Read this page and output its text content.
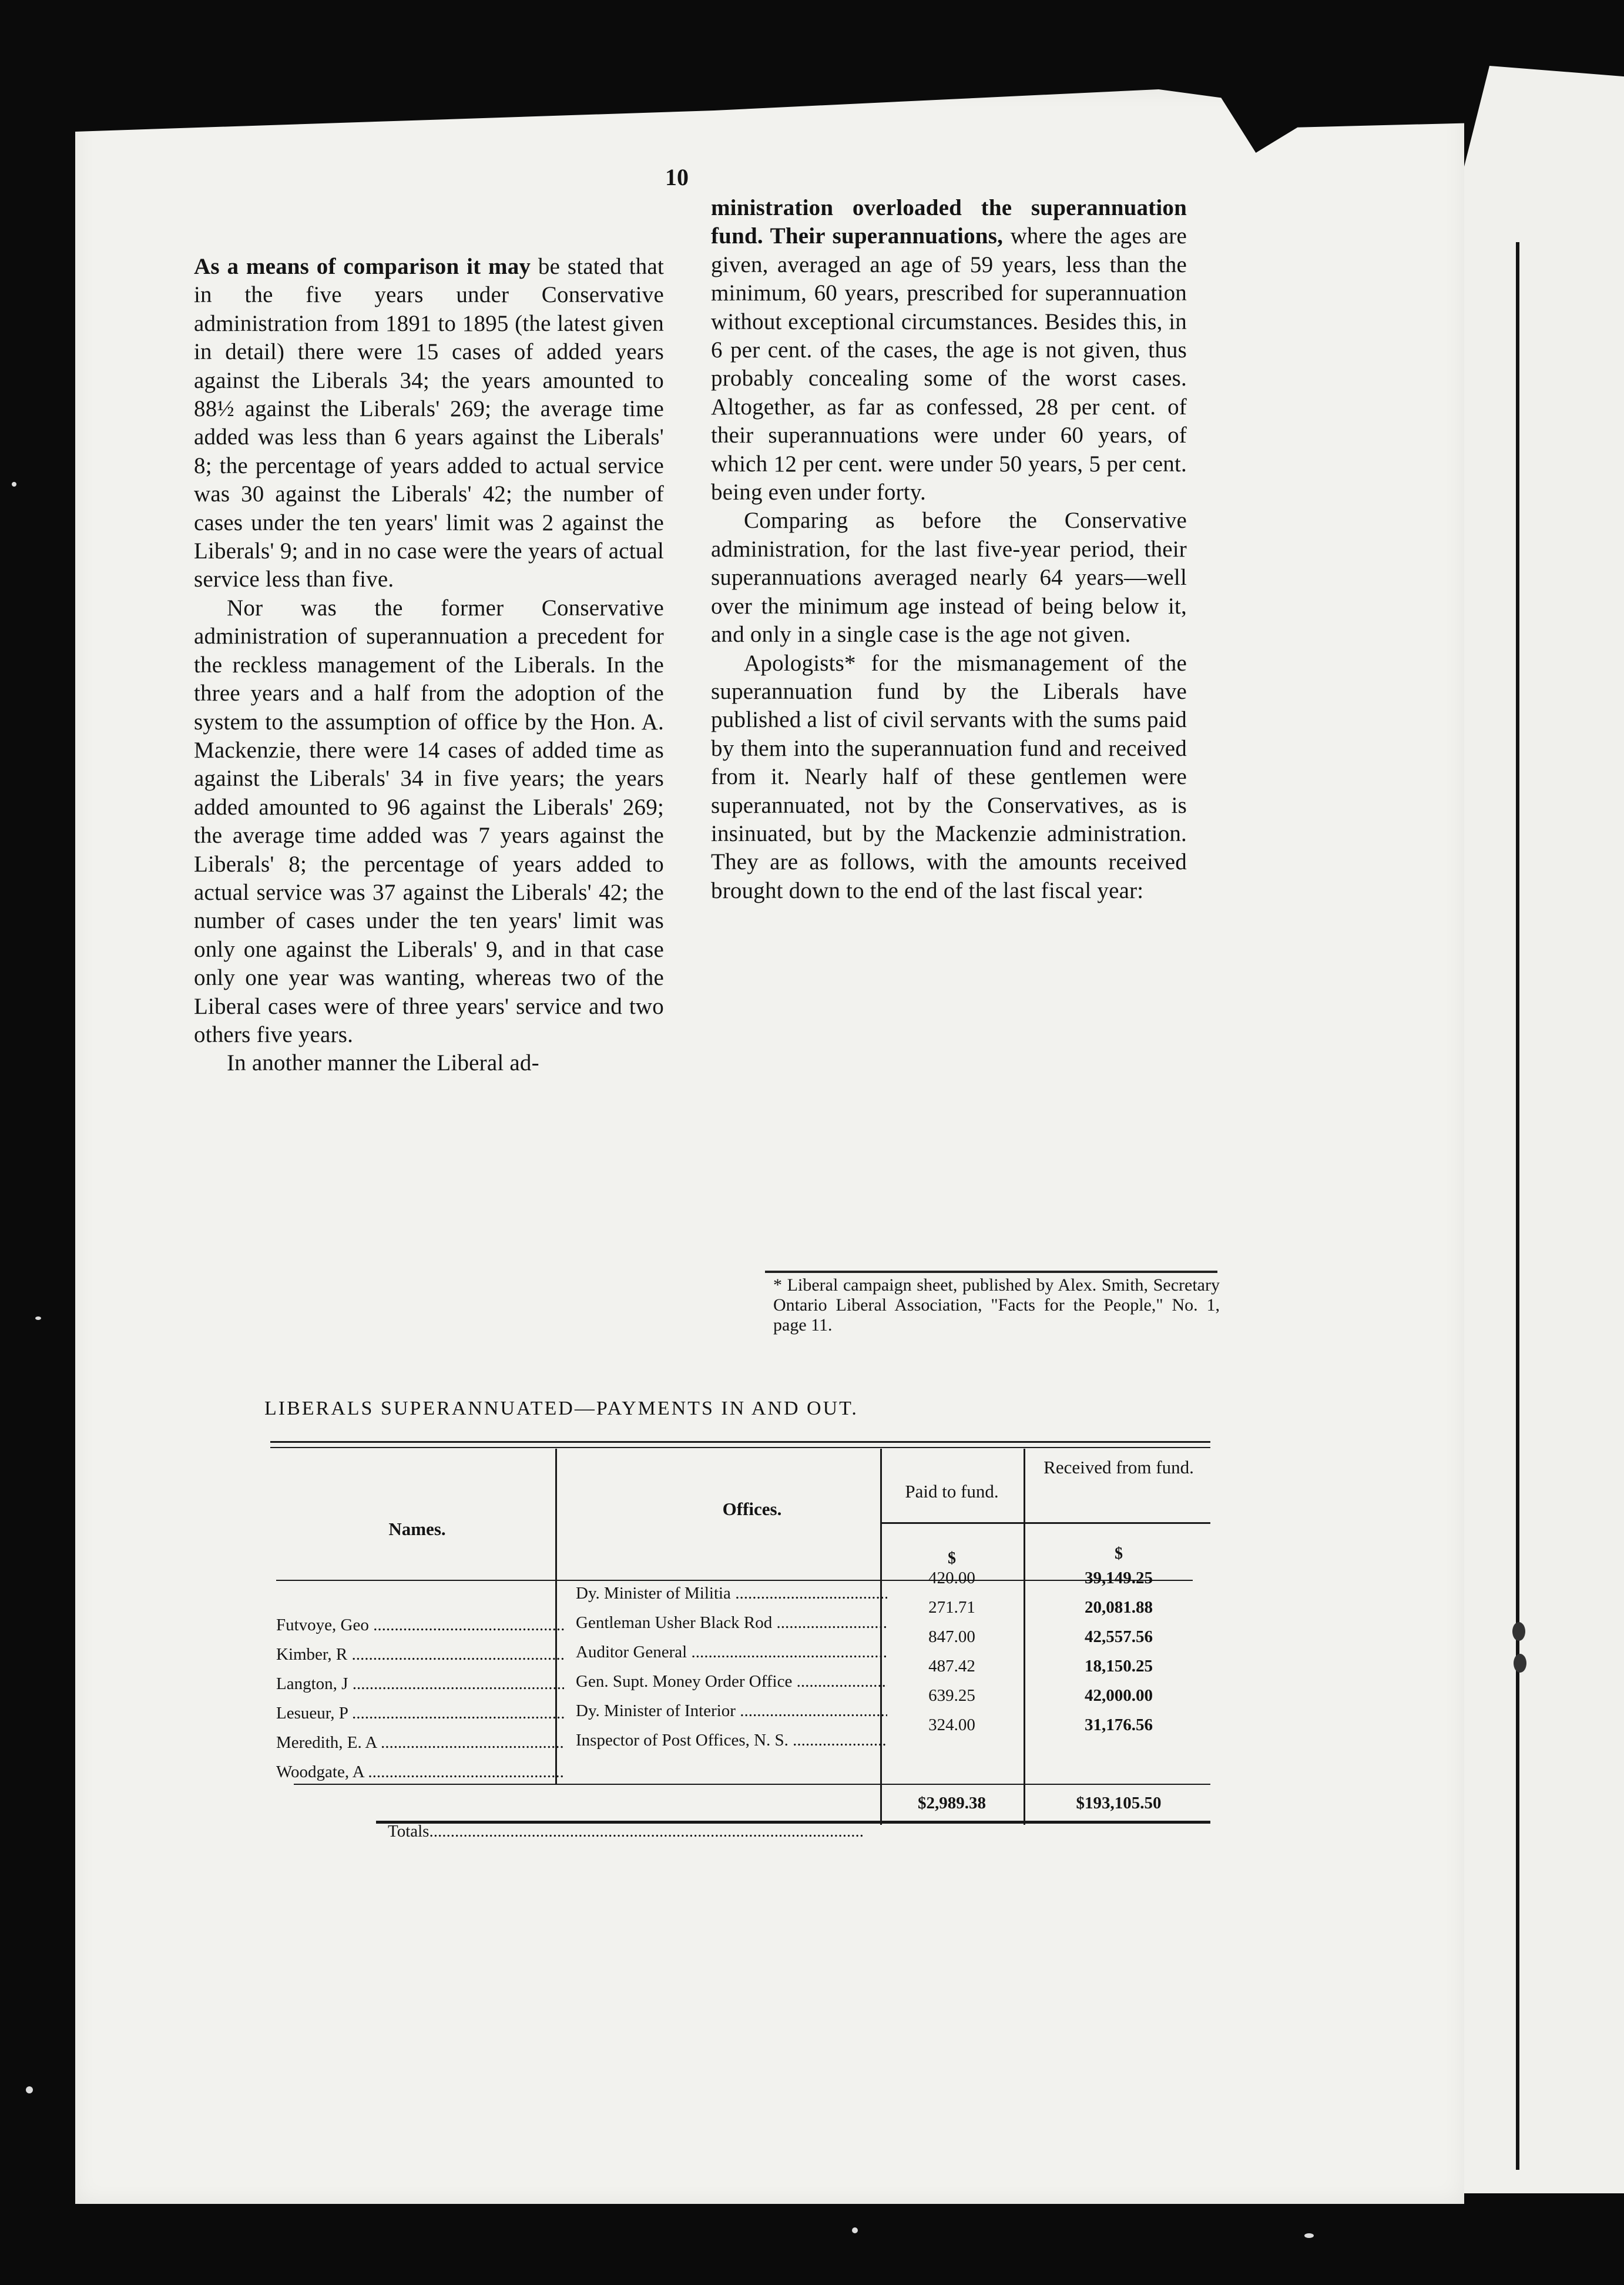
10

As a means of comparison it may be stated that in the five years under Conservative administration from 1891 to 1895 (the latest given in detail) there were 15 cases of added years against the Liberals 34; the years amounted to 88½ against the Liberals' 269; the average time added was less than 6 years against the Liberals' 8; the percentage of years added to actual service was 30 against the Liberals' 42; the number of cases under the ten years' limit was 2 against the Liberals' 9; and in no case were the years of actual service less than five.

Nor was the former Conservative administration of superannuation a precedent for the reckless management of the Liberals. In the three years and a half from the adoption of the system to the assumption of office by the Hon. A. Mackenzie, there were 14 cases of added time as against the Liberals' 34 in five years; the years added amounted to 96 against the Liberals' 269; the average time added was 7 years against the Liberals' 8; the percentage of years added to actual service was 37 against the Liberals' 42; the number of cases under the ten years' limit was only one against the Liberals' 9, and in that case only one year was wanting, whereas two of the Liberal cases were of three years' service and two others five years.

In another manner the Liberal ad-

ministration overloaded the superannuation fund. Their superannuations, where the ages are given, averaged an age of 59 years, less than the minimum, 60 years, prescribed for superannuation without exceptional circumstances. Besides this, in 6 per cent. of the cases, the age is not given, thus probably concealing some of the worst cases. Altogether, as far as confessed, 28 per cent. of their superannuations were under 60 years, of which 12 per cent. were under 50 years, 5 per cent. being even under forty.

Comparing as before the Conservative administration, for the last five-year period, their superannuations averaged nearly 64 years—well over the minimum age instead of being below it, and only in a single case is the age not given.

Apologists* for the mismanagement of the superannuation fund by the Liberals have published a list of civil servants with the sums paid by them into the superannuation fund and received from it. Nearly half of these gentlemen were superannuated, not by the Conservatives, as is insinuated, but by the Mackenzie administration. They are as follows, with the amounts received brought down to the end of the last fiscal year:

* Liberal campaign sheet, published by Alex. Smith, Secretary Ontario Liberal Association, "Facts for the People," No. 1, page 11.
LIBERALS SUPERANNUATED—PAYMENTS IN AND OUT.
Names.
Offices.
Paid to fund.
Received from fund.
$	$
Futvoye, Geo .....
Kimber, R .....
Langton, J .....
Lesueur, P .....
Meredith, E. A .....
Woodgate, A .....
Dy. Minister of Militia .....
Gentleman Usher Black Rod .....
Auditor General .....
Gen. Supt. Money Order Office .....
Dy. Minister of Interior .....
Inspector of Post Offices, N. S. .....
420.00
271.71
847.00
487.42
639.25
324.00
39,149.25
20,081.88
42,557.56
18,150.25
42,000.00
31,176.56
Totals .....
$2,989.38	$193,105.50
